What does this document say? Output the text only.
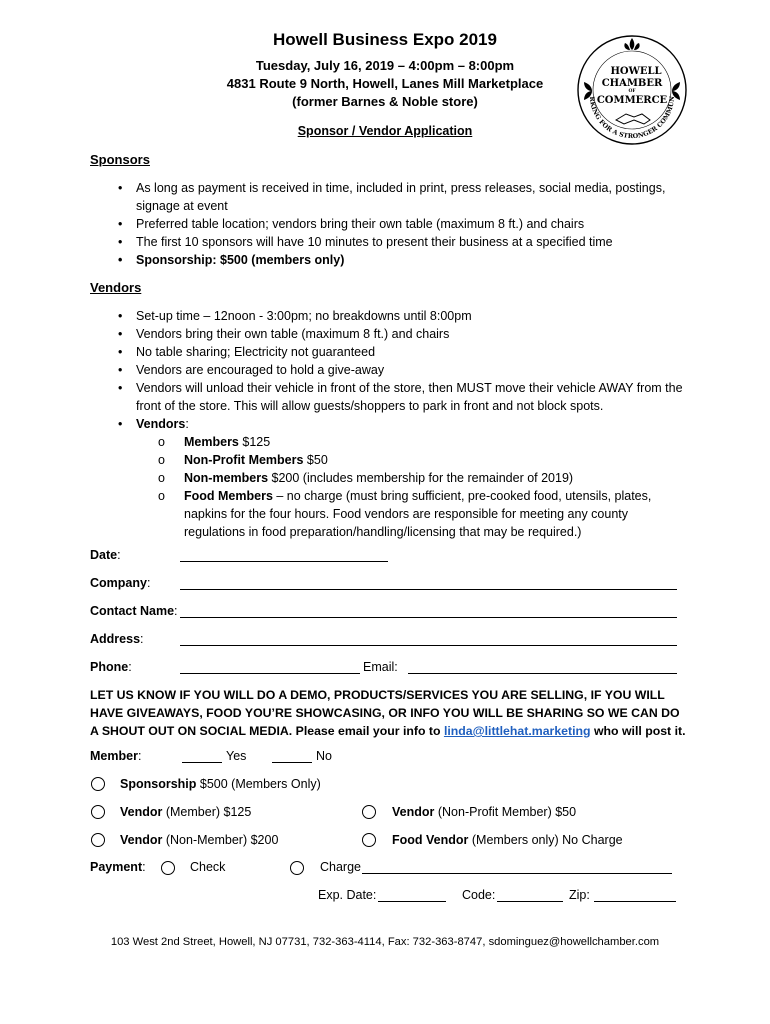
Howell Business Expo 2019
Tuesday, July 16, 2019 – 4:00pm – 8:00pm
4831 Route 9 North, Howell, Lanes Mill Marketplace
(former Barnes & Noble store)
Sponsor / Vendor Application
HOWELL
CHAMBER
OF
COMMERCE
RKING FOR A STRONGER COMMUN
Sponsors
• As long as payment is received in time, included in print, press releases, social media, postings, signage at event
• Preferred table location; vendors bring their own table (maximum 8 ft.) and chairs
• The first 10 sponsors will have 10 minutes to present their business at a specified time
• Sponsorship: $500 (members only)
Vendors
• Set-up time – 12noon - 3:00pm; no breakdowns until 8:00pm
• Vendors bring their own table (maximum 8 ft.) and chairs
• No table sharing; Electricity not guaranteed
• Vendors are encouraged to hold a give-away
• Vendors will unload their vehicle in front of the store, then MUST move their vehicle AWAY from the front of the store. This will allow guests/shoppers to park in front and not block spots.
• Vendors:
o Members $125
o Non-Profit Members $50
o Non-members $200 (includes membership for the remainder of 2019)
o Food Members – no charge (must bring sufficient, pre-cooked food, utensils, plates, napkins for the four hours. Food vendors are responsible for meeting any county regulations in food preparation/handling/licensing that may be required.)
Date:
Company:
Contact Name:
Address:
Phone:	Email:
LET US KNOW IF YOU WILL DO A DEMO, PRODUCTS/SERVICES YOU ARE SELLING, IF YOU WILL HAVE GIVEAWAYS, FOOD YOU’RE SHOWCASING, OR INFO YOU WILL BE SHARING SO WE CAN DO A SHOUT OUT ON SOCIAL MEDIA. Please email your info to linda@littlehat.marketing who will post it.
Member:	Yes	No
Sponsorship $500 (Members Only)
Vendor (Member) $125	Vendor (Non-Profit Member) $50
Vendor (Non-Member) $200	Food Vendor (Members only) No Charge
Payment:	Check	Charge
Exp. Date:	Code:	Zip:
103 West 2nd Street, Howell, NJ 07731, 732-363-4114, Fax: 732-363-8747, sdominguez@howellchamber.com
